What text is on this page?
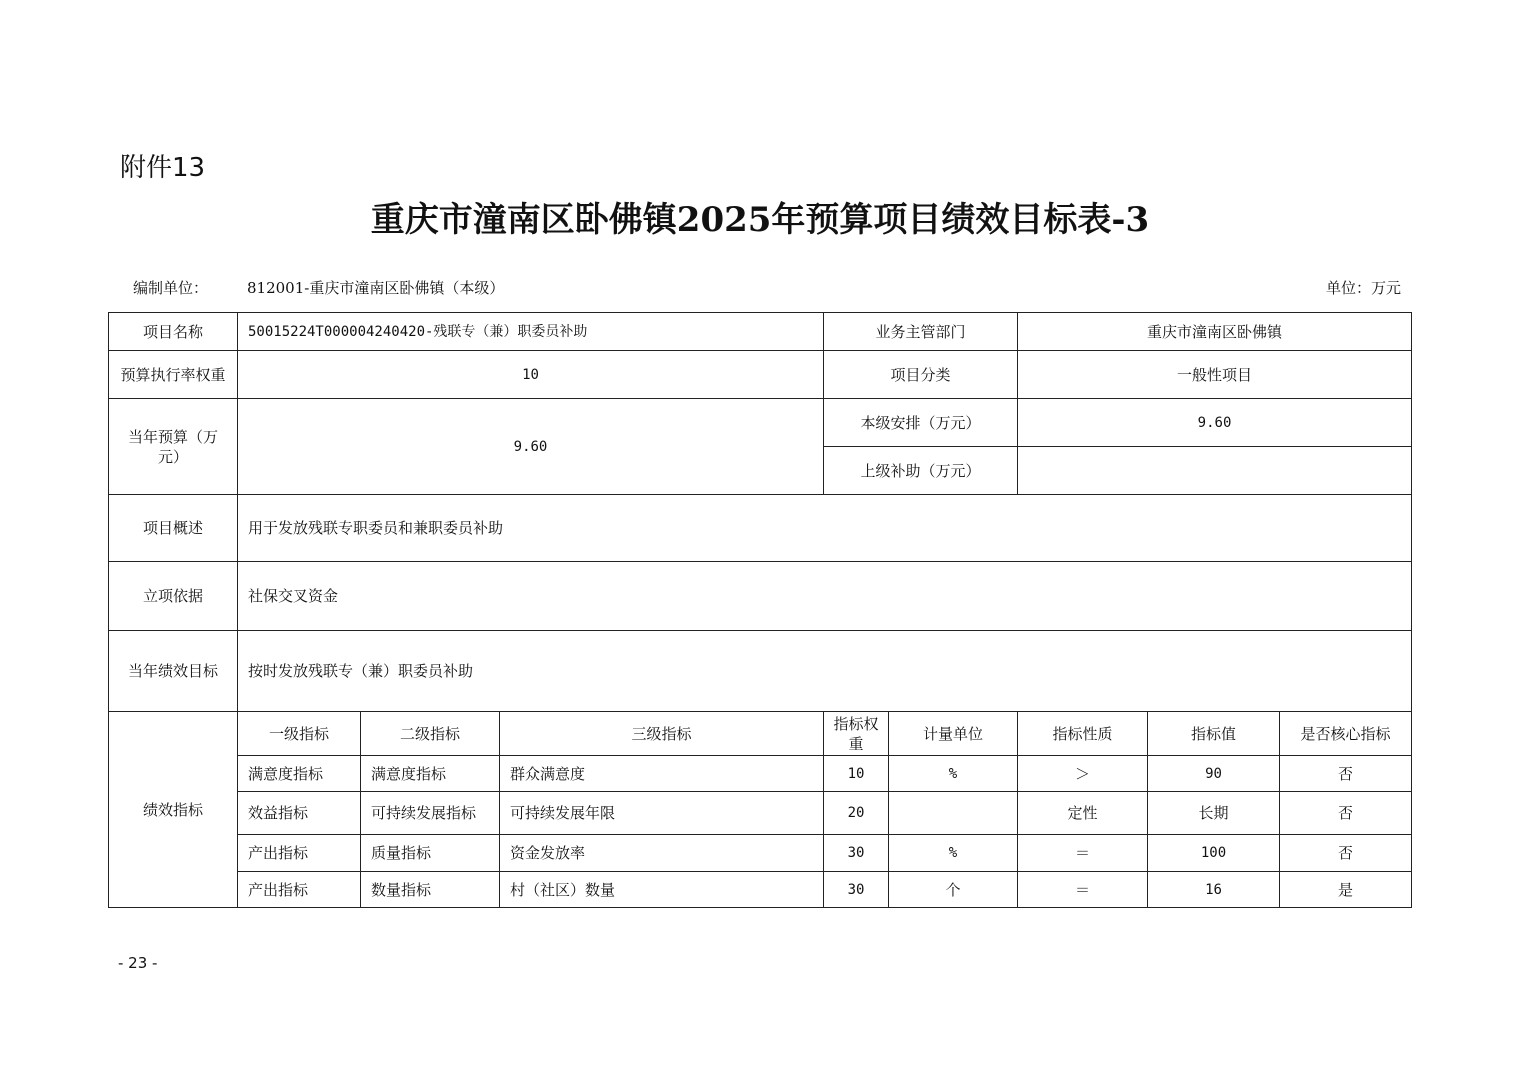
附件13
重庆市潼南区卧佛镇2025年预算项目绩效目标表-3
编制单位：	812001-重庆市潼南区卧佛镇（本级）	单位：万元
项目名称	50015224T000004240420-残联专（兼）职委员补助			业务主管部门		重庆市潼南区卧佛镇		
预算执行率权重	10			项目分类		一般性项目		
当年预算（万元）	9.60			本级安排（万元）		9.60		
				上级补助（万元）				
项目概述	用于发放残联专职委员和兼职委员补助							
立项依据	社保交叉资金							
当年绩效目标	按时发放残联专（兼）职委员补助							
绩效指标	一级指标	二级指标	三级指标	指标权重	计量单位	指标性质	指标值	是否核心指标
	满意度指标	满意度指标	群众满意度	10	%	＞	90	否
	效益指标	可持续发展指标	可持续发展年限	20		定性	长期	否
	产出指标	质量指标	资金发放率	30	%	＝	100	否
	产出指标	数量指标	村（社区）数量	30	个	＝	16	是
- 23 -
